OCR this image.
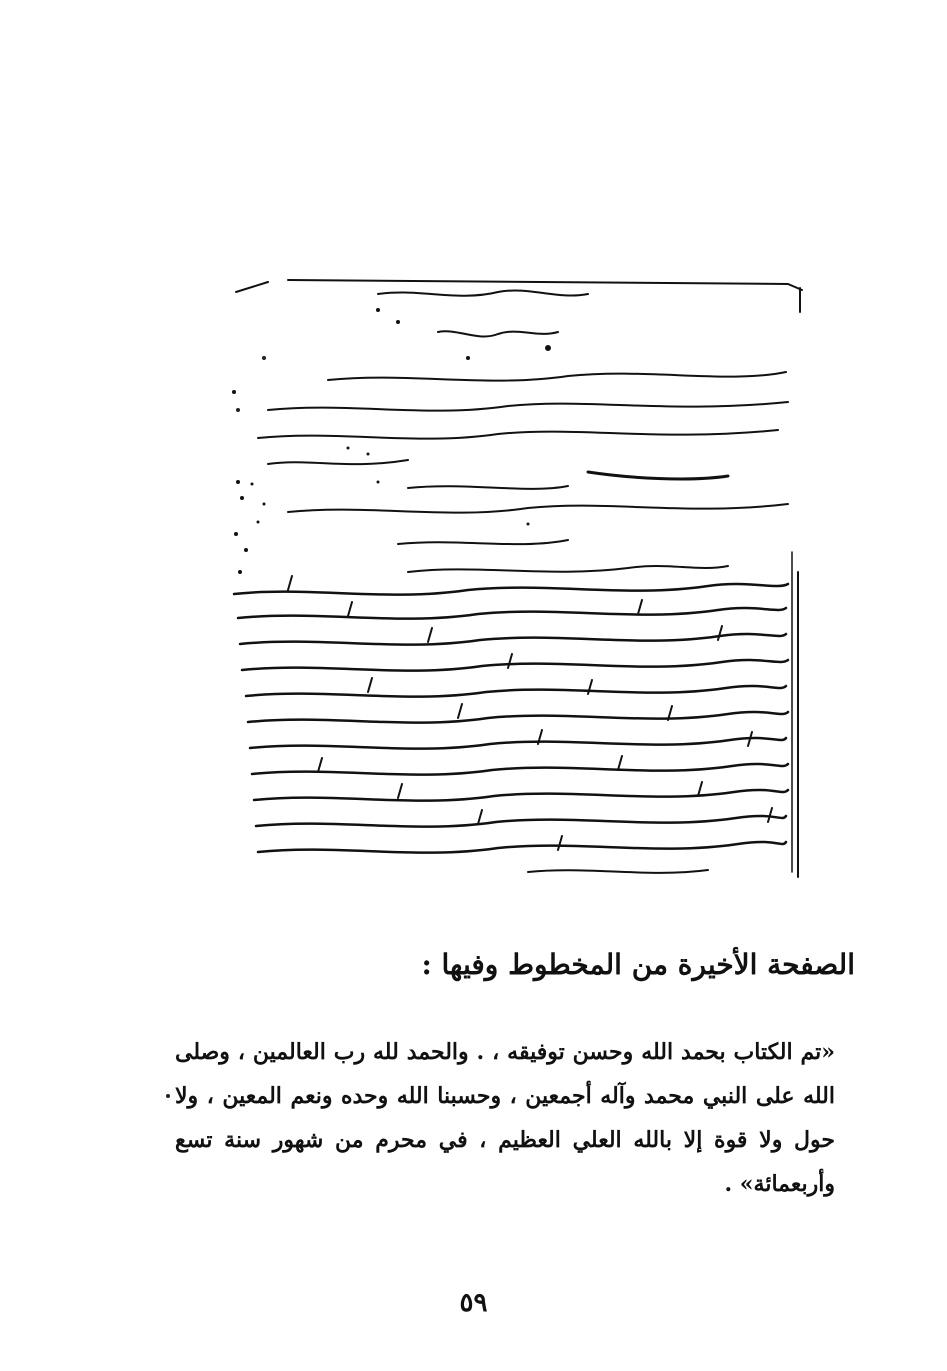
الصفحة الأخيرة من المخطوط وفيها :
«تم الكتاب بحمد الله وحسن توفيقه ، . والحمد لله رب العالمين ، وصلى الله على النبي محمد وآله أجمعين ، وحسبنا الله وحده ونعم المعين ، ولا حول ولا قوة إلا بالله العلي العظيم ، في محرم من شهور سنة تسع وأربعمائة» .
٥٩
